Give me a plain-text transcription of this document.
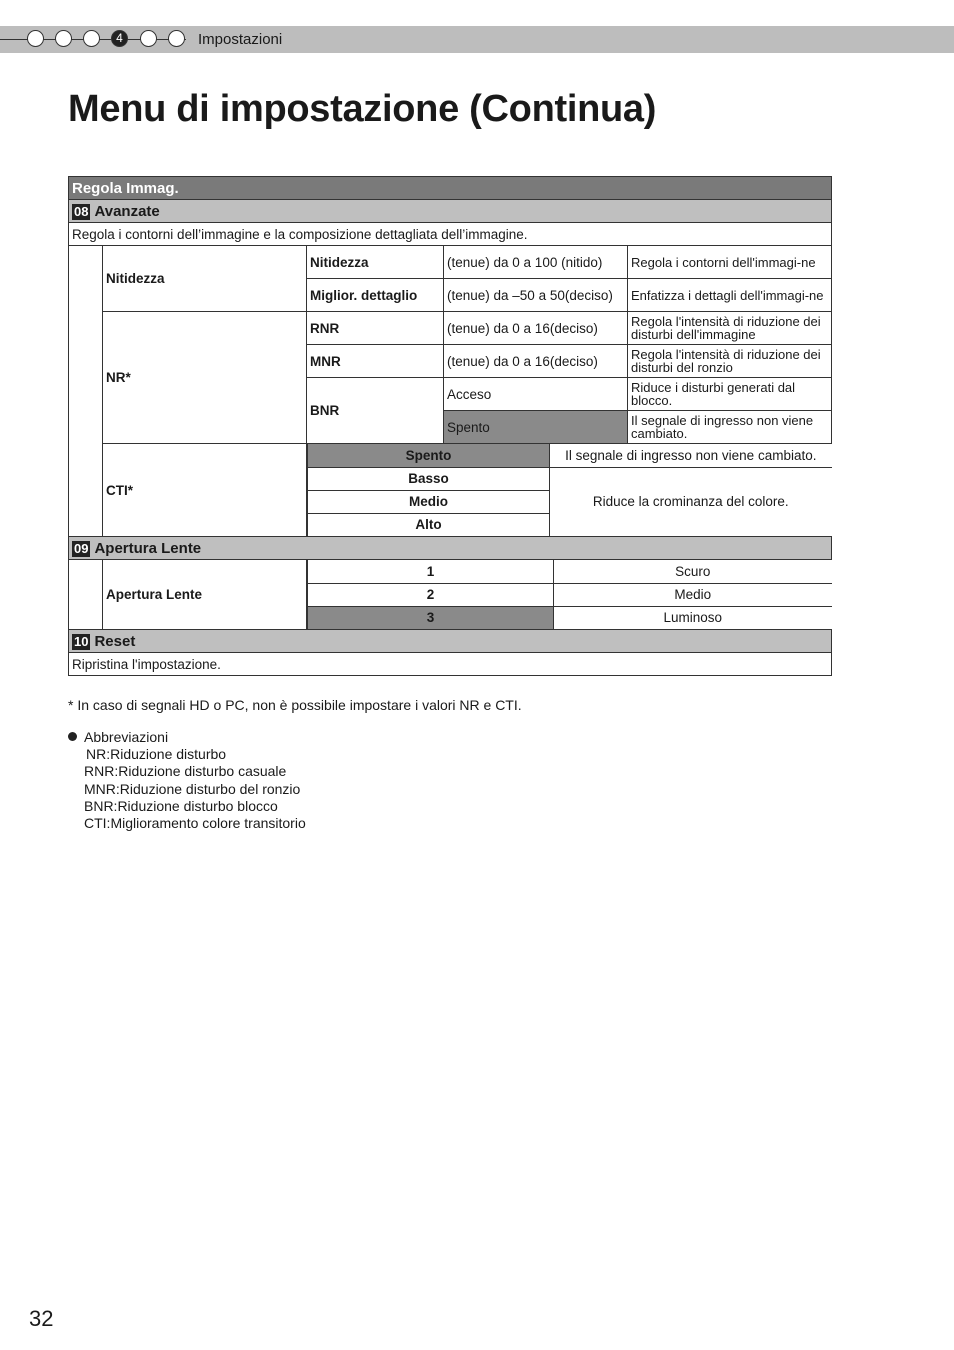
4	Impostazioni
Menu di impostazione (Continua)
Regola Immag.
08 Avanzate
Regola i contorni dell’immagine e la composizione dettagliata dell’immagine.
	Nitidezza	Nitidezza	(tenue) da 0 a 100 (nitido)	Regola i contorni dell'immagi-ne
Miglior. dettaglio	(tenue) da –50 a 50(deciso)	Enfatizza i dettagli dell'immagi-ne
NR*	RNR	(tenue) da 0 a 16(deciso)	Regola l'intensità di riduzione dei disturbi dell'immagine
MNR	(tenue) da 0 a 16(deciso)	Regola l'intensità di riduzione dei disturbi del ronzio
BNR	Acceso	Riduce i disturbi generati dal blocco.
Spento	Il segnale di ingresso non viene cambiato.
CTI*	
Spento	Il segnale di ingresso non viene cambiato.
Basso	Riduce la crominanza del colore.
Medio
Alto

09 Apertura Lente
	Apertura Lente	
1	Scuro
2	Medio
3	Luminoso

10 Reset
Ripristina l'impostazione.
* In caso di segnali HD o PC, non è possibile impostare i valori NR e CTI.
Abbreviazioni
NR:Riduzione disturbo
RNR:Riduzione disturbo casuale
MNR:Riduzione disturbo del ronzio
BNR:Riduzione disturbo blocco
CTI:Miglioramento colore transitorio
32
